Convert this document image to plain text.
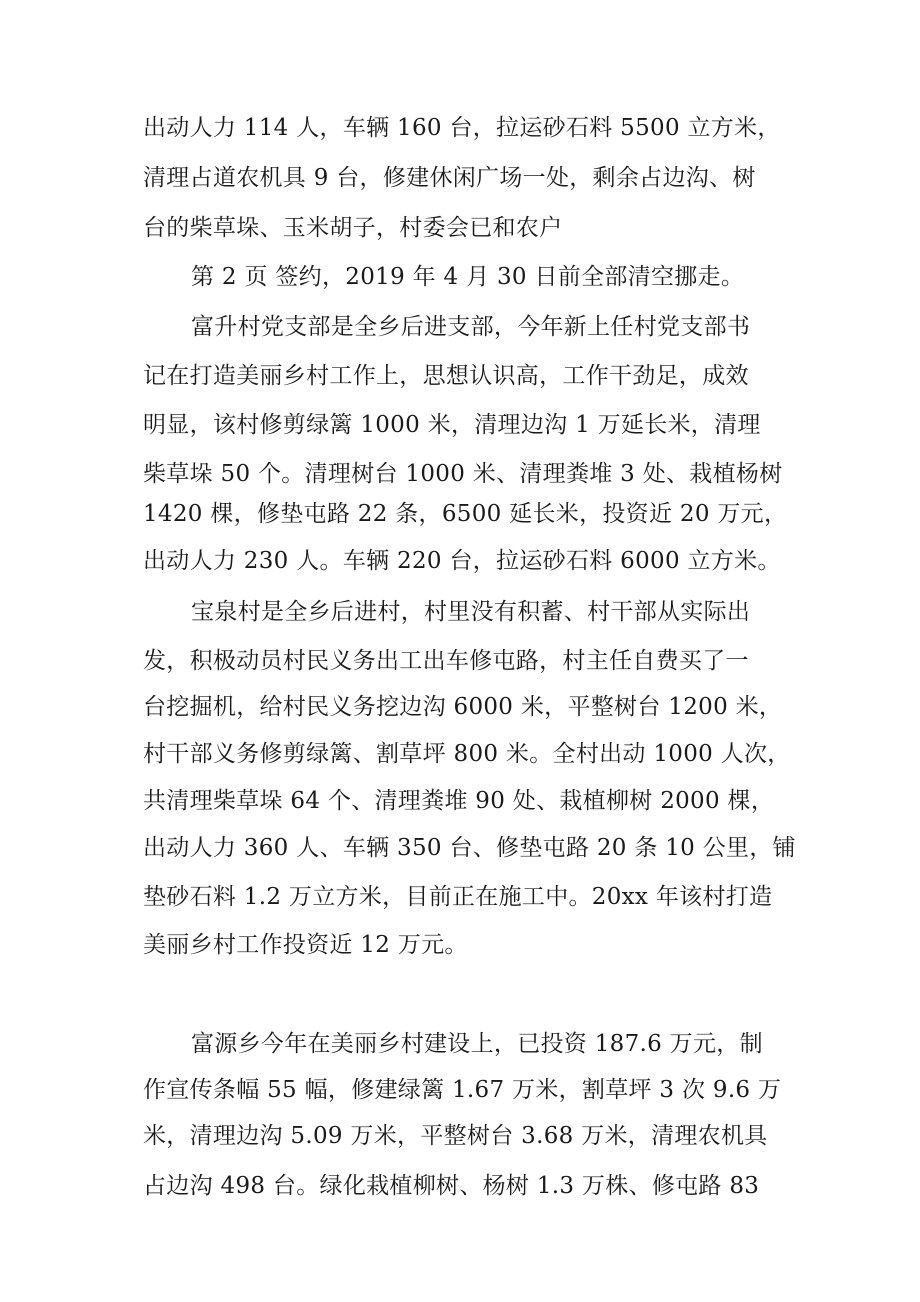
出动人力 114 人，车辆 160 台，拉运砂石料 5500 立方米，
清理占道农机具 9 台，修建休闲广场一处，剩余占边沟、树
台的柴草垛、玉米胡子，村委会已和农户
第 2 页 签约，2019 年 4 月 30 日前全部清空挪走。
富升村党支部是全乡后进支部，今年新上任村党支部书
记在打造美丽乡村工作上，思想认识高，工作干劲足，成效
明显，该村修剪绿篱 1000 米，清理边沟 1 万延长米，清理
柴草垛 50 个。清理树台 1000 米、清理粪堆 3 处、栽植杨树
1420 棵，修垫屯路 22 条，6500 延长米，投资近 20 万元，
出动人力 230 人。车辆 220 台，拉运砂石料 6000 立方米。
宝泉村是全乡后进村，村里没有积蓄、村干部从实际出
发，积极动员村民义务出工出车修屯路，村主任自费买了一
台挖掘机，给村民义务挖边沟 6000 米，平整树台 1200 米，
村干部义务修剪绿篱、割草坪 800 米。全村出动 1000 人次，
共清理柴草垛 64 个、清理粪堆 90 处、栽植柳树 2000 棵，
出动人力 360 人、车辆 350 台、修垫屯路 20 条 10 公里，铺
垫砂石料 1.2 万立方米，目前正在施工中。20xx 年该村打造
美丽乡村工作投资近 12 万元。
富源乡今年在美丽乡村建设上，已投资 187.6 万元，制
作宣传条幅 55 幅，修建绿篱 1.67 万米，割草坪 3 次 9.6 万
米，清理边沟 5.09 万米，平整树台 3.68 万米，清理农机具
占边沟 498 台。绿化栽植柳树、杨树 1.3 万株、修屯路 83
